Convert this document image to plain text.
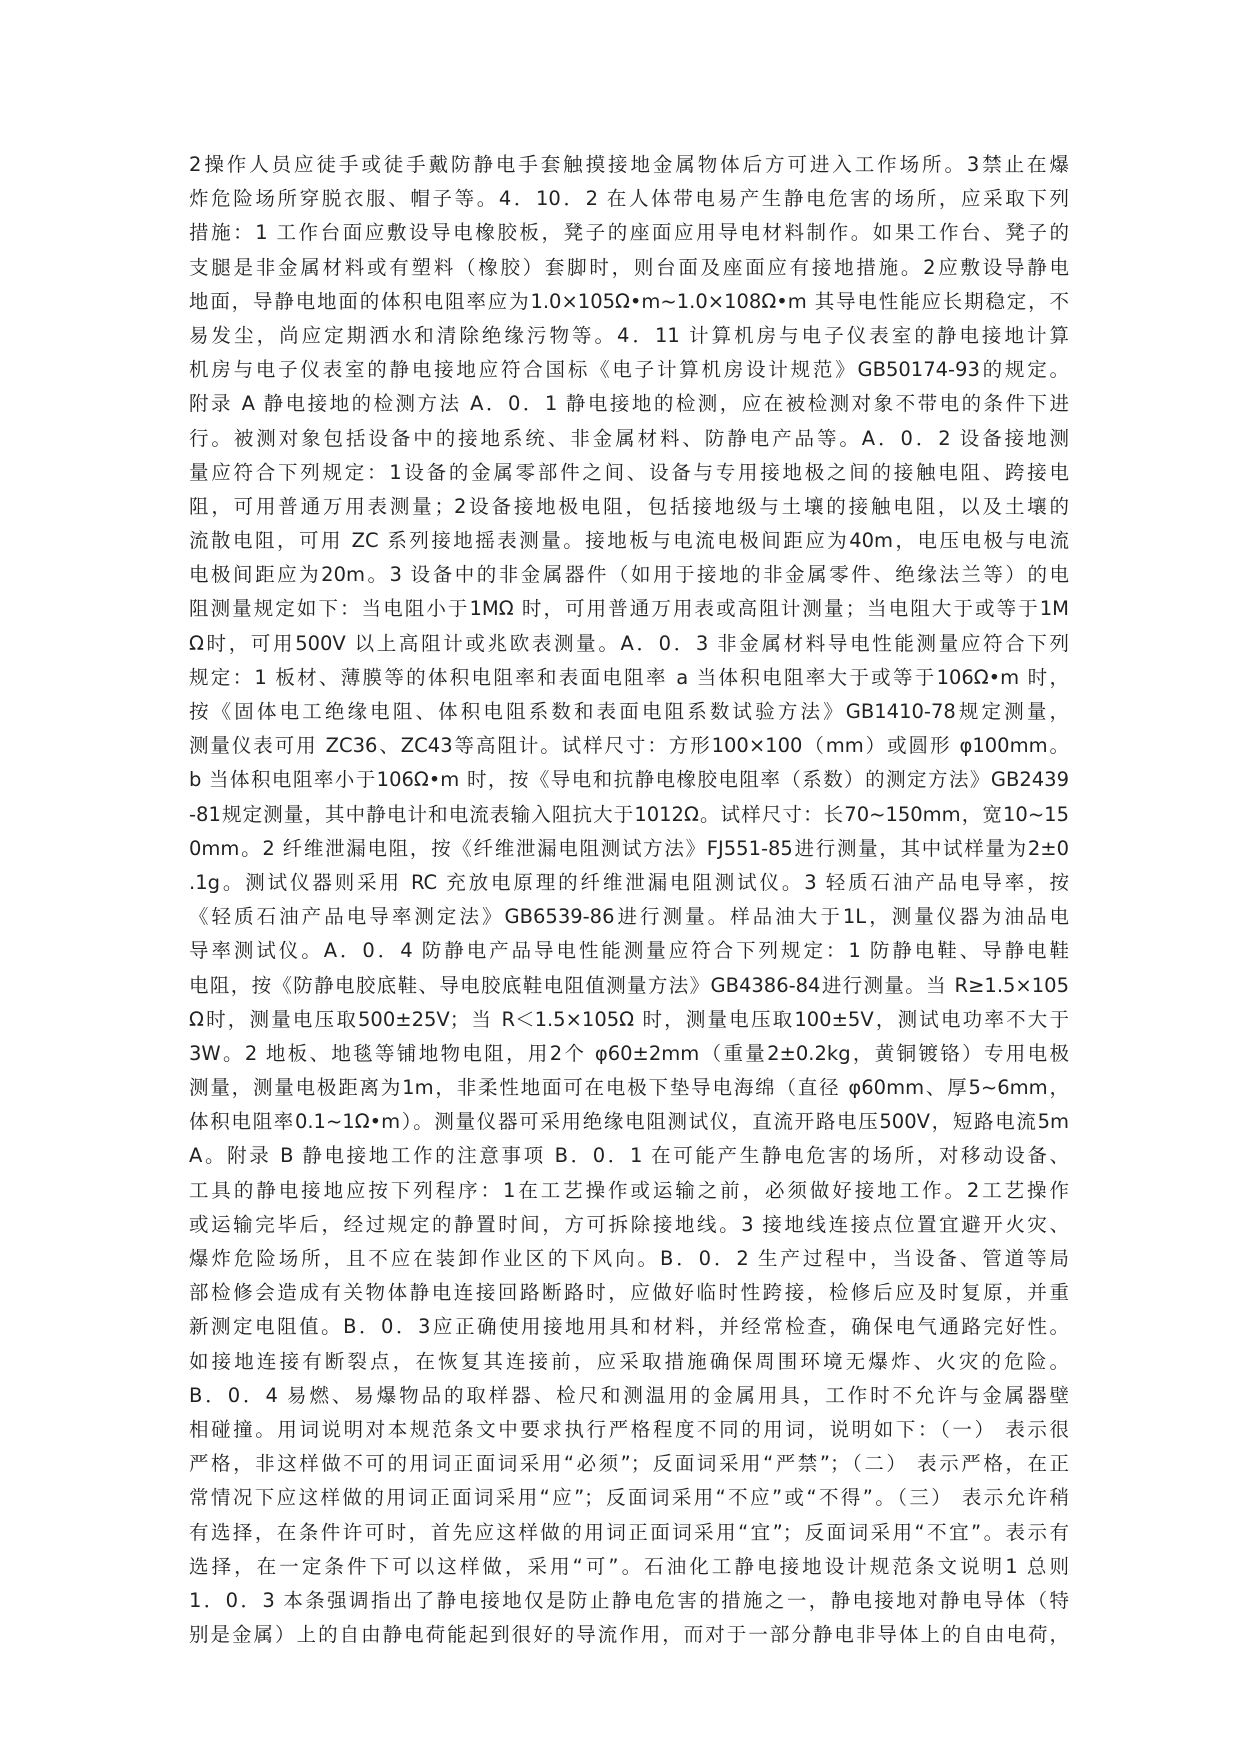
2操作人员应徒手或徒手戴防静电手套触摸接地金属物体后方可进入工作场所。3禁止在爆
炸危险场所穿脱衣服、帽子等。4．10．2 在人体带电易产生静电危害的场所，应采取下列
措施：1 工作台面应敷设导电橡胶板，凳子的座面应用导电材料制作。如果工作台、凳子的
支腿是非金属材料或有塑料（橡胶）套脚时，则台面及座面应有接地措施。2应敷设导静电
地面，导静电地面的体积电阻率应为1.0×105Ω•m~1.0×108Ω•m 其导电性能应长期稳定，不
易发尘，尚应定期洒水和清除绝缘污物等。4．11 计算机房与电子仪表室的静电接地计算
机房与电子仪表室的静电接地应符合国标《电子计算机房设计规范》GB50174-93的规定。
附录 A 静电接地的检测方法 A．0．1 静电接地的检测，应在被检测对象不带电的条件下进
行。被测对象包括设备中的接地系统、非金属材料、防静电产品等。A．0．2 设备接地测
量应符合下列规定：1设备的金属零部件之间、设备与专用接地极之间的接触电阻、跨接电
阻，可用普通万用表测量；2设备接地极电阻，包括接地级与土壤的接触电阻，以及土壤的
流散电阻，可用 ZC 系列接地摇表测量。接地板与电流电极间距应为40m，电压电极与电流
电极间距应为20m。3 设备中的非金属器件（如用于接地的非金属零件、绝缘法兰等）的电
阻测量规定如下：当电阻小于1MΩ 时，可用普通万用表或高阻计测量；当电阻大于或等于1M
Ω时，可用500V 以上高阻计或兆欧表测量。A．0．3 非金属材料导电性能测量应符合下列
规定：1 板材、薄膜等的体积电阻率和表面电阻率 a 当体积电阻率大于或等于106Ω•m 时，
按《固体电工绝缘电阻、体积电阻系数和表面电阻系数试验方法》GB1410-78规定测量，
测量仪表可用 ZC36、ZC43等高阻计。试样尺寸：方形100×100（mm）或圆形 φ100mm。
b 当体积电阻率小于106Ω•m 时，按《导电和抗静电橡胶电阻率（系数）的测定方法》GB2439
-81规定测量，其中静电计和电流表输入阻抗大于1012Ω。试样尺寸：长70~150mm，宽10~15
0mm。2 纤维泄漏电阻，按《纤维泄漏电阻测试方法》FJ551-85进行测量，其中试样量为2±0
.1g。测试仪器则采用 RC 充放电原理的纤维泄漏电阻测试仪。3 轻质石油产品电导率，按
《轻质石油产品电导率测定法》GB6539-86进行测量。样品油大于1L，测量仪器为油品电
导率测试仪。A．0．4 防静电产品导电性能测量应符合下列规定：1 防静电鞋、导静电鞋
电阻，按《防静电胶底鞋、导电胶底鞋电阻值测量方法》GB4386-84进行测量。当 R≥1.5×105
Ω时，测量电压取500±25V；当 R＜1.5×105Ω 时，测量电压取100±5V，测试电功率不大于
3W。2 地板、地毯等铺地物电阻，用2个 φ60±2mm（重量2±0.2kg，黄铜镀铬）专用电极
测量，测量电极距离为1m，非柔性地面可在电极下垫导电海绵（直径 φ60mm、厚5~6mm，
体积电阻率0.1~1Ω•m）。测量仪器可采用绝缘电阻测试仪，直流开路电压500V，短路电流5m
A。附录 B 静电接地工作的注意事项 B．0．1 在可能产生静电危害的场所，对移动设备、
工具的静电接地应按下列程序：1在工艺操作或运输之前，必须做好接地工作。2工艺操作
或运输完毕后，经过规定的静置时间，方可拆除接地线。3 接地线连接点位置宜避开火灾、
爆炸危险场所，且不应在装卸作业区的下风向。B．0．2 生产过程中，当设备、管道等局
部检修会造成有关物体静电连接回路断路时，应做好临时性跨接，检修后应及时复原，并重
新测定电阻值。B．0．3应正确使用接地用具和材料，并经常检查，确保电气通路完好性。
如接地连接有断裂点，在恢复其连接前，应采取措施确保周围环境无爆炸、火灾的危险。
B．0．4 易燃、易爆物品的取样器、检尺和测温用的金属用具，工作时不允许与金属器壁
相碰撞。用词说明对本规范条文中要求执行严格程度不同的用词，说明如下：（一） 表示很
严格，非这样做不可的用词正面词采用“必须”；反面词采用“严禁”；（二） 表示严格，在正
常情况下应这样做的用词正面词采用“应”；反面词采用“不应”或“不得”。（三） 表示允许稍
有选择，在条件许可时，首先应这样做的用词正面词采用“宜”；反面词采用“不宜”。表示有
选择，在一定条件下可以这样做，采用“可”。石油化工静电接地设计规范条文说明1 总则
1．0．3 本条强调指出了静电接地仅是防止静电危害的措施之一，静电接地对静电导体（特
别是金属）上的自由静电荷能起到很好的导流作用，而对于一部分静电非导体上的自由电荷，
